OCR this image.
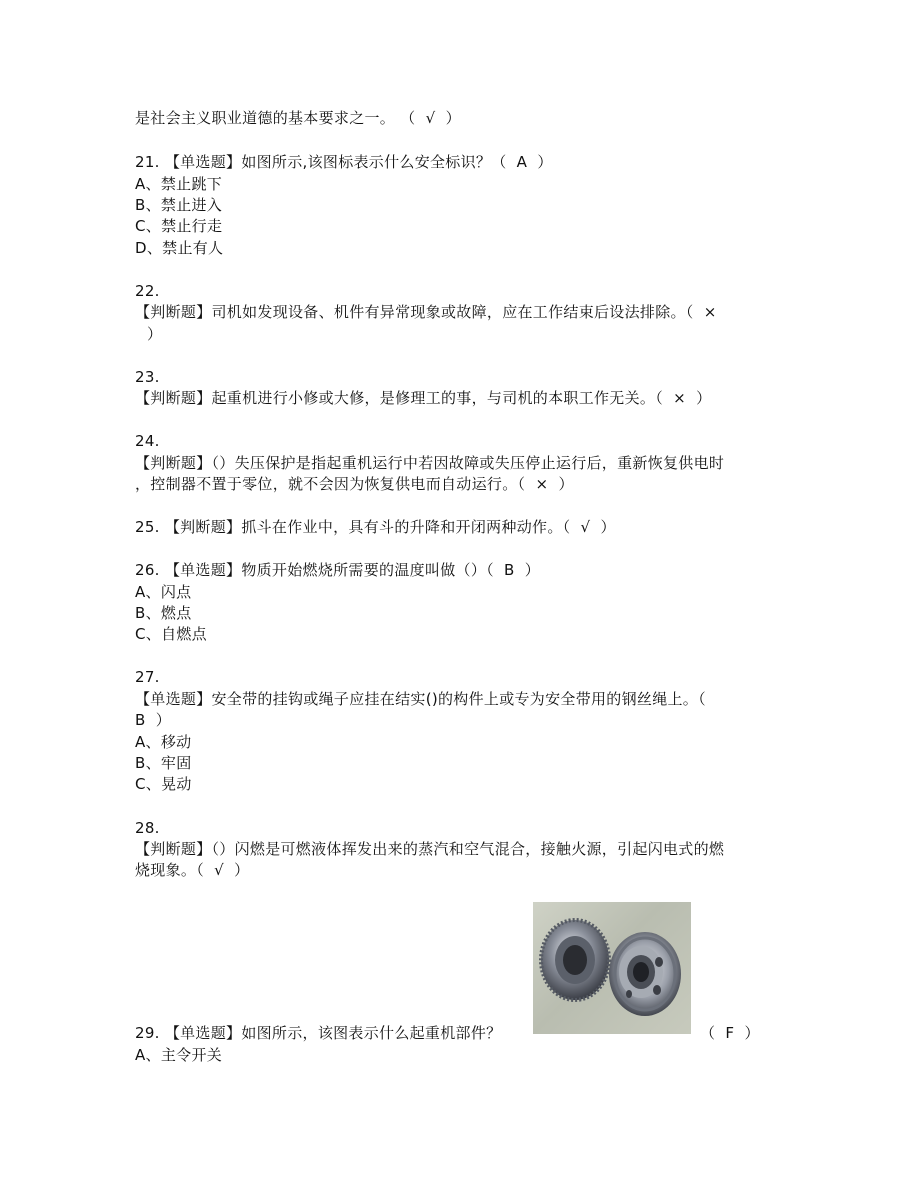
是社会主义职业道德的基本要求之一。 （  √  ）
21. 【单选题】如图所示,该图标表示什么安全标识？（  A  ）
A、禁止跳下
B、禁止进入
C、禁止行走
D、禁止有人
22.
【判断题】司机如发现设备、机件有异常现象或故障，应在工作结束后设法排除。（  ×
）
23.
【判断题】起重机进行小修或大修，是修理工的事，与司机的本职工作无关。（  ×  ）
24.
【判断题】（）失压保护是指起重机运行中若因故障或失压停止运行后，重新恢复供电时
，控制器不置于零位，就不会因为恢复供电而自动运行。（  ×  ）
25. 【判断题】抓斗在作业中，具有斗的升降和开闭两种动作。（  √  ）
26. 【单选题】物质开始燃烧所需要的温度叫做（）（  B  ）
A、闪点
B、燃点
C、自燃点
27.
【单选题】安全带的挂钩或绳子应挂在结实()的构件上或专为安全带用的钢丝绳上。（
B  ）
A、移动
B、牢固
C、晃动
28.
【判断题】（）闪燃是可燃液体挥发出来的蒸汽和空气混合，接触火源，引起闪电式的燃
烧现象。（  √  ）
29. 【单选题】如图所示，该图表示什么起重机部件？	（  F  ）
A、主令开关
